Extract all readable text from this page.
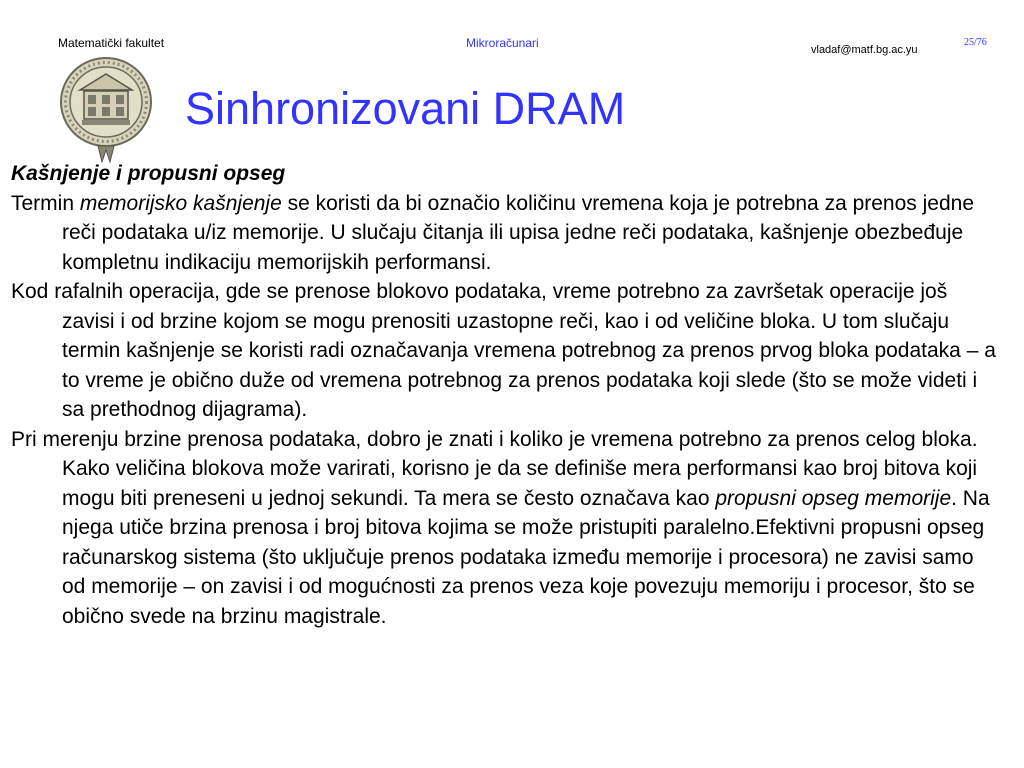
Matematički fakultet	Mikroračunari	vladaf@matf.bg.ac.yu
25/76
Sinhronizovani DRAM

Kašnjenje i propusni opseg

Termin memorijsko kašnjenje se koristi da bi označio količinu vremena koja je potrebna za prenos jedne reči podataka u/iz memorije. U slučaju čitanja ili upisa jedne reči podataka, kašnjenje obezbeđuje kompletnu indikaciju memorijskih performansi.

Kod rafalnih operacija, gde se prenose blokovo podataka, vreme potrebno za završetak operacije još zavisi i od brzine kojom se mogu prenositi uzastopne reči, kao i od veličine bloka. U tom slučaju termin kašnjenje se koristi radi označavanja vremena potrebnog za prenos prvog bloka podataka – a to vreme je obično duže od vremena potrebnog za prenos podataka koji slede (što se može videti i sa prethodnog dijagrama).

Pri merenju brzine prenosa podataka, dobro je znati i koliko je vremena potrebno za prenos celog bloka. Kako veličina blokova može varirati, korisno je da se definiše mera performansi kao broj bitova koji mogu biti preneseni u jednoj sekundi. Ta mera se često označava kao propusni opseg memorije. Na njega utiče brzina prenosa i broj bitova kojima se može pristupiti paralelno.Efektivni propusni opseg računarskog sistema (što uključuje prenos podataka između memorije i procesora) ne zavisi samo od memorije – on zavisi i od mogućnosti za prenos veza koje povezuju memoriju i procesor, što se obično svede na brzinu magistrale.
